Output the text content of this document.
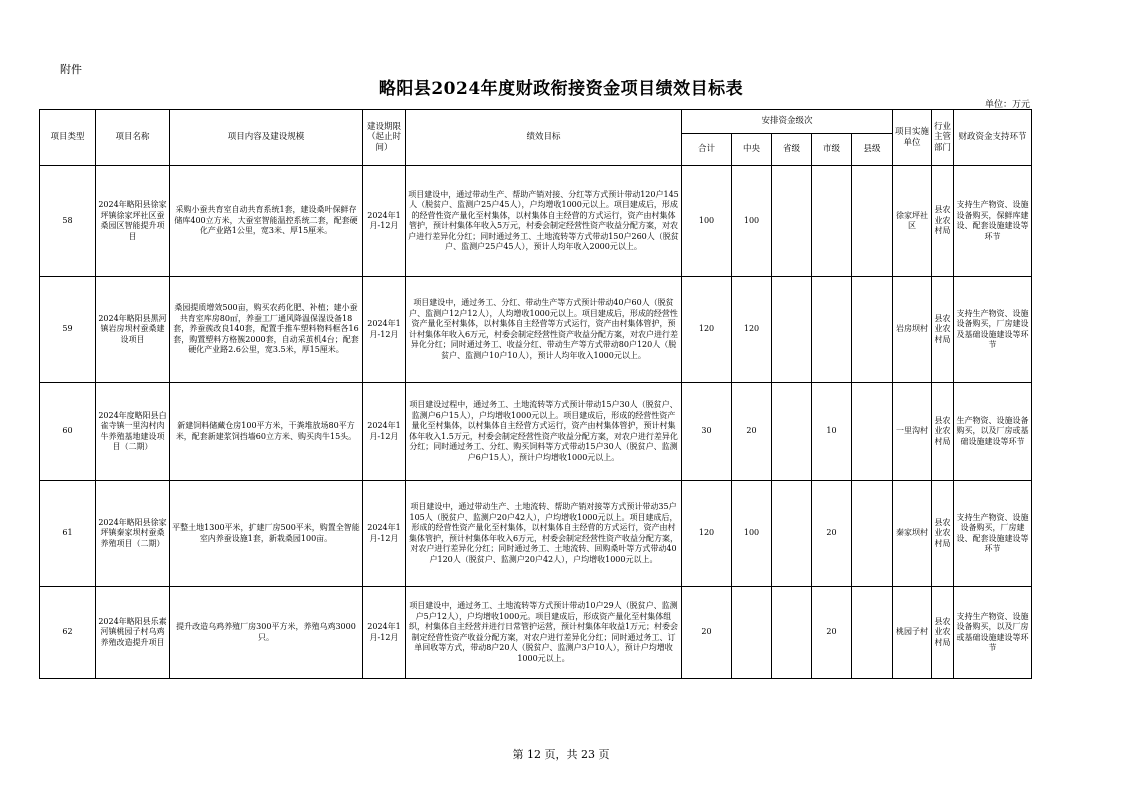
附件
略阳县2024年度财政衔接资金项目绩效目标表
单位：万元
项目类型	项目名称	项目内容及建设规模	建设期限（起止时间）	绩效目标	安排资金级次					项目实施单位	行业主管部门	财政资金支持环节
					合计	中央	省级	市级	县级			
58	2024年略阳县徐家坪镇徐家坪社区蚕桑园区智能提升项目	采购小蚕共育室自动共育系统1套，建设桑叶保鲜存储库400立方米，大蚕室智能温控系统二套，配套硬化产业路1公里，宽3米、厚15厘米。	2024年1月-12月	项目建设中，通过带动生产、帮助产销对接、分红等方式预计带动120户145人（脱贫户、监测户25户45人），户均增收1000元以上。项目建成后，形成的经营性资产量化至村集体，以村集体自主经营的方式运行，资产由村集体管护，预计村集体年收入5万元，村委会制定经营性资产收益分配方案，对农户进行差异化分红；同时通过务工、土地流转等方式带动150户260人（脱贫户、监测户25户45人），预计人均年收入2000元以上。	100	100				徐家坪社区	县农业农村局	支持生产物资、设施设备购买，保鲜库建设、配套设施建设等环节
59	2024年略阳县黑河镇岩房坝村蚕桑建设项目	桑园提质增效500亩，购买农药化肥、补植；建小蚕共育室库房80㎡，养蚕工厂通风降温保湿设备18套，养蚕蔟改良140套，配置手推车塑料物料框各16套，购置塑料方格簇2000套，自动采茧机4台；配套硬化产业路2.6公里，宽3.5米，厚15厘米。	2024年1月-12月	项目建设中，通过务工、分红、带动生产等方式预计带动40户60人（脱贫户、监测户12户12人），人均增收1000元以上。项目建成后，形成的经营性资产量化至村集体，以村集体自主经营等方式运行，资产由村集体管护，预计村集体年收入6万元，村委会制定经营性资产收益分配方案，对农户进行差异化分红；同时通过务工、收益分红、带动生产等方式带动80户120人（脱贫户、监测户10户10人），预计人均年收入1000元以上。	120	120				岩房坝村	县农业农村局	支持生产物资、设施设备购买，厂房建设及基础设施建设等环节
60	2024年度略阳县白雀寺镇一里沟村肉牛养殖基地建设项目（二期）	新建饲料储藏仓房100平方米，干粪堆放场80平方米，配套新建浆饲挡墙60立方米、购买肉牛15头。	2024年1月-12月	项目建设过程中，通过务工、土地流转等方式预计带动15户30人（脱贫户、监测户6户15人），户均增收1000元以上。项目建成后，形成的经营性资产量化至村集体，以村集体自主经营方式运行，资产由村集体管护，预计村集体年收入1.5万元，村委会制定经营性资产收益分配方案，对农户进行差异化分红；同时通过务工、分红、购买饲料等方式带动15户30人（脱贫户、监测户6户15人），预计户均增收1000元以上。	30	20		10		一里沟村	县农业农村局	生产物资、设施设备购买，以及厂房或基础设施建设等环节
61	2024年略阳县徐家坪镇秦家坝村蚕桑养殖项目（二期）	平整土地1300平米，扩建厂房500平米，购置全智能室内养蚕设施1套，新栽桑园100亩。	2024年1月-12月	项目建设中，通过带动生产、土地流转、帮助产销对接等方式预计带动35户105人（脱贫户、监测户20户42人），户均增收1000元以上。项目建成后，形成的经营性资产量化至村集体，以村集体自主经营的方式运行，资产由村集体管护，预计村集体年收入6万元，村委会制定经营性资产收益分配方案，对农户进行差异化分红；同时通过务工、土地流转、回购桑叶等方式带动40户120人（脱贫户、监测户20户42人），户均增收1000元以上。	120	100		20		秦家坝村	县农业农村局	支持生产物资、设施设备购买，厂房建设、配套设施建设等环节
62	2024年略阳县乐素河镇桃园子村乌鸡养殖改造提升项目	提升改造乌鸡养殖厂房300平方米，养殖乌鸡3000只。	2024年1月-12月	项目建设中，通过务工、土地流转等方式预计带动10户29人（脱贫户、监测户5户12人），户均增收1000元。项目建成后，形成资产量化至村集体组织，村集体自主经营并进行日常管护运营，预计村集体年收益1万元；村委会制定经营性资产收益分配方案，对农户进行差异化分红；同时通过务工、订单回收等方式，带动8户20人（脱贫户、监测户3户10人），预计户均增收1000元以上。	20			20		桃园子村	县农业农村局	支持生产物资、设施设备购买，以及厂房或基础设施建设等环节
第 12 页，共 23 页
